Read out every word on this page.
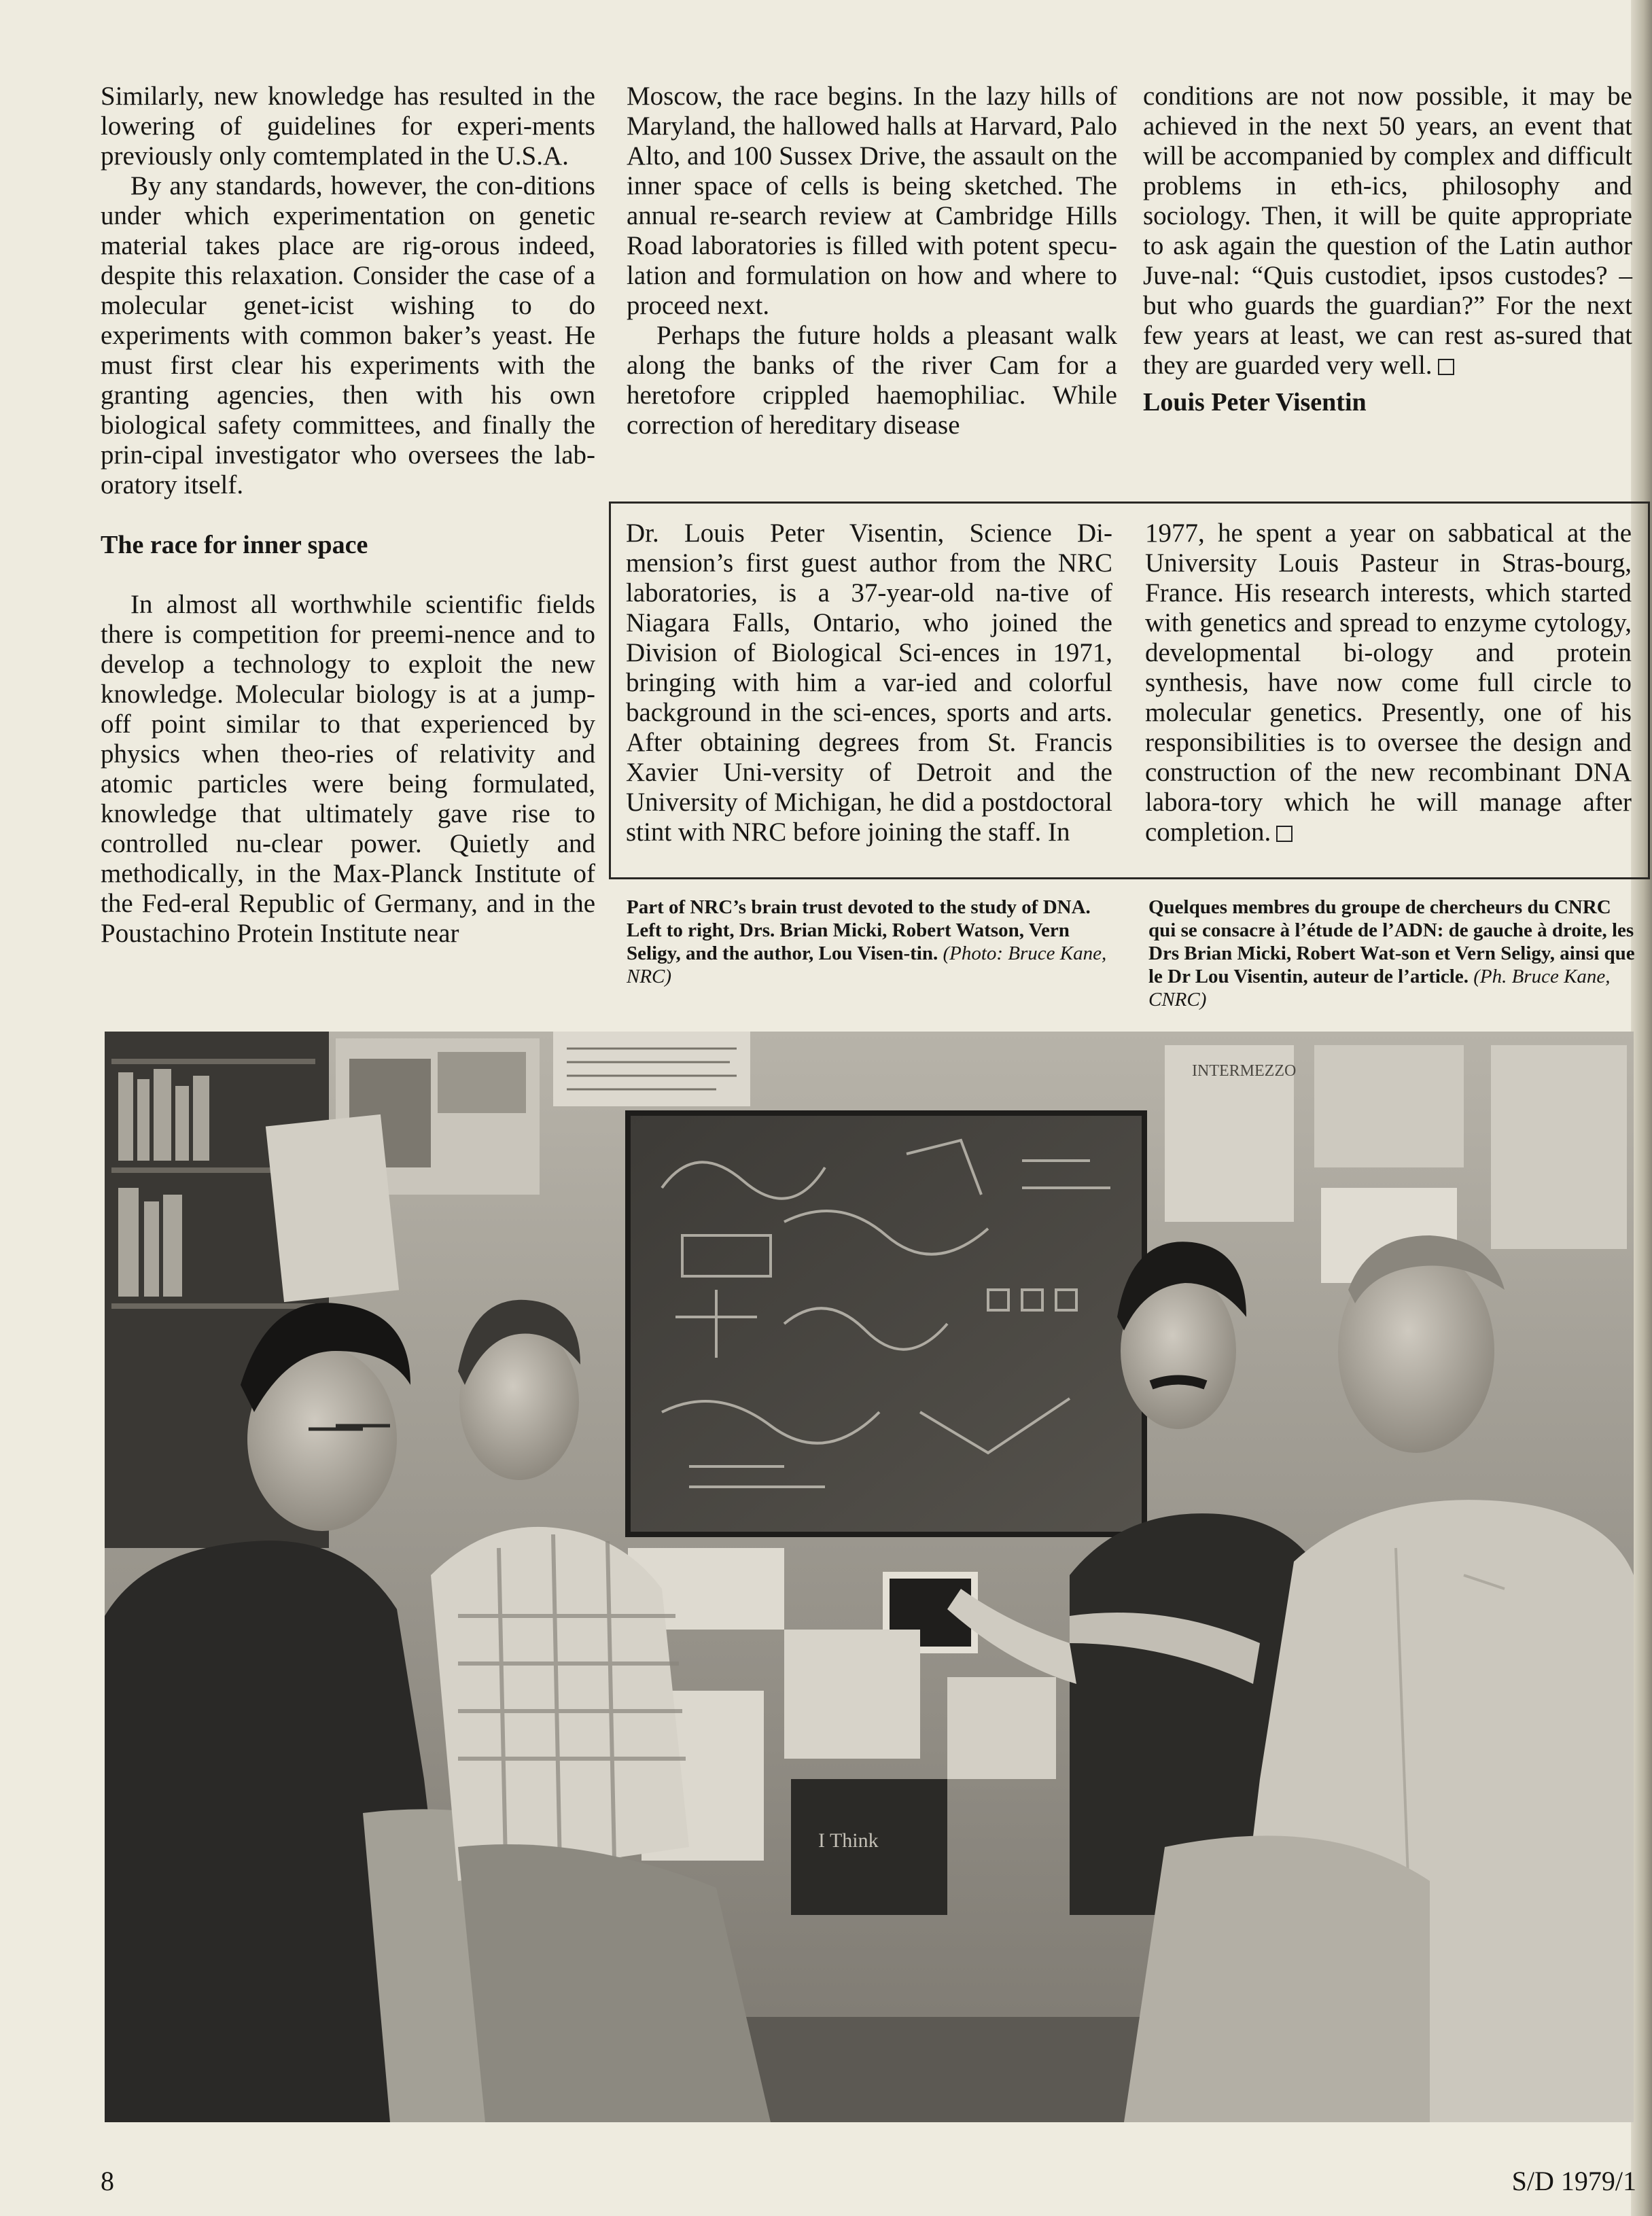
Similarly, new knowledge has resulted in the lowering of guidelines for experi-ments previously only comtemplated in the U.S.A.

By any standards, however, the con-ditions under which experimentation on genetic material takes place are rig-orous indeed, despite this relaxation. Consider the case of a molecular genet-icist wishing to do experiments with common baker’s yeast. He must first clear his experiments with the granting agencies, then with his own biological safety committees, and finally the prin-cipal investigator who oversees the lab-oratory itself.

The race for inner space

In almost all worthwhile scientific fields there is competition for preemi-nence and to develop a technology to exploit the new knowledge. Molecular biology is at a jump-off point similar to that experienced by physics when theo-ries of relativity and atomic particles were being formulated, knowledge that ultimately gave rise to controlled nu-clear power. Quietly and methodically, in the Max-Planck Institute of the Fed-eral Republic of Germany, and in the Poustachino Protein Institute near

Moscow, the race begins. In the lazy hills of Maryland, the hallowed halls at Harvard, Palo Alto, and 100 Sussex Drive, the assault on the inner space of cells is being sketched. The annual re-search review at Cambridge Hills Road laboratories is filled with potent specu-lation and formulation on how and where to proceed next.

Perhaps the future holds a pleasant walk along the banks of the river Cam for a heretofore crippled haemophiliac. While correction of hereditary disease

conditions are not now possible, it may be achieved in the next 50 years, an event that will be accompanied by complex and difficult problems in eth-ics, philosophy and sociology. Then, it will be quite appropriate to ask again the question of the Latin author Juve-nal: “Quis custodiet, ipsos custodes? – but who guards the guardian?” For the next few years at least, we can rest as-sured that they are guarded very well.

Louis Peter Visentin
Dr. Louis Peter Visentin, Science Di-mension’s first guest author from the NRC laboratories, is a 37-year-old na-tive of Niagara Falls, Ontario, who joined the Division of Biological Sci-ences in 1971, bringing with him a var-ied and colorful background in the sci-ences, sports and arts. After obtaining degrees from St. Francis Xavier Uni-versity of Detroit and the University of Michigan, he did a postdoctoral stint with NRC before joining the staff. In
1977, he spent a year on sabbatical at the University Louis Pasteur in Stras-bourg, France. His research interests, which started with genetics and spread to enzyme cytology, developmental bi-ology and protein synthesis, have now come full circle to molecular genetics. Presently, one of his responsibilities is to oversee the design and construction of the new recombinant DNA labora-tory which he will manage after completion.
Part of NRC’s brain trust devoted to the study of DNA. Left to right, Drs. Brian Micki, Robert Watson, Vern Seligy, and the author, Lou Visen-tin. (Photo: Bruce Kane, NRC)
Quelques membres du groupe de chercheurs du CNRC qui se consacre à l’étude de l’ADN: de gauche à droite, les Drs Brian Micki, Robert Wat-son et Vern Seligy, ainsi que le Dr Lou Visentin, auteur de l’article. (Ph. Bruce Kane, CNRC)
INTERMEZZO
I Think
8	S/D 1979/1
